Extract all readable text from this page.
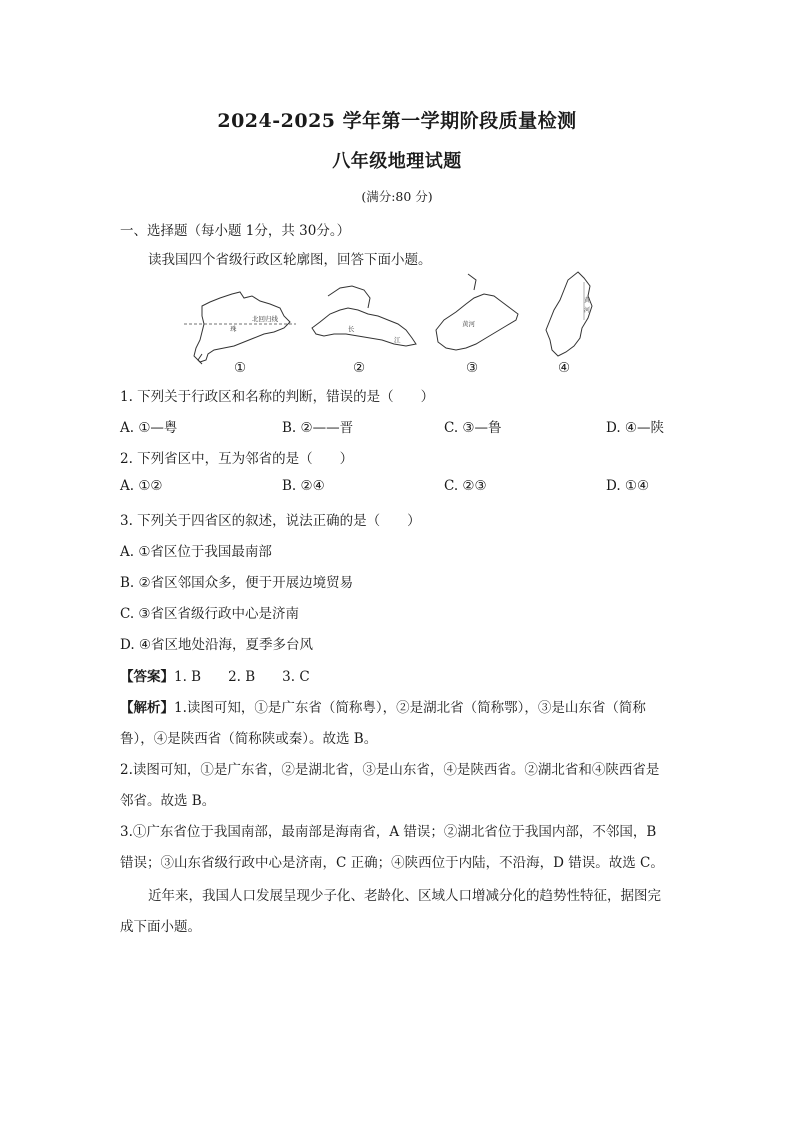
2024-2025 学年第一学期阶段质量检测
八年级地理试题
(满分:80 分)
一、选择题（每小题 1分，共 30分。）
读我国四个省级行政区轮廓图，回答下面小题。
北回归线
珠	长
江
黄河
黄
河
①	②	③	④
1. 下列关于行政区和名称的判断，错误的是（　　）
A. ①—粤	B. ②——晋	C. ③—鲁	D. ④—陕
2. 下列省区中，互为邻省的是（　　）
A. ①②	B. ②④	C. ②③	D. ①④
3. 下列关于四省区的叙述，说法正确的是（　　）
A. ①省区位于我国最南部
B. ②省区邻国众多，便于开展边境贸易
C. ③省区省级行政中心是济南
D. ④省区地处沿海，夏季多台风
【答案】1. B　　2. B　　3. C
【解析】1.读图可知，①是广东省（简称粤），②是湖北省（简称鄂），③是山东省（简称
鲁），④是陕西省（简称陕或秦）。故选 B。
2.读图可知，①是广东省，②是湖北省，③是山东省，④是陕西省。②湖北省和④陕西省是
邻省。故选 B。
3.①广东省位于我国南部，最南部是海南省，A 错误；②湖北省位于我国内部，不邻国，B
错误；③山东省级行政中心是济南，C 正确；④陕西位于内陆，不沿海，D 错误。故选 C。
近年来，我国人口发展呈现少子化、老龄化、区域人口增减分化的趋势性特征，据图完
成下面小题。
